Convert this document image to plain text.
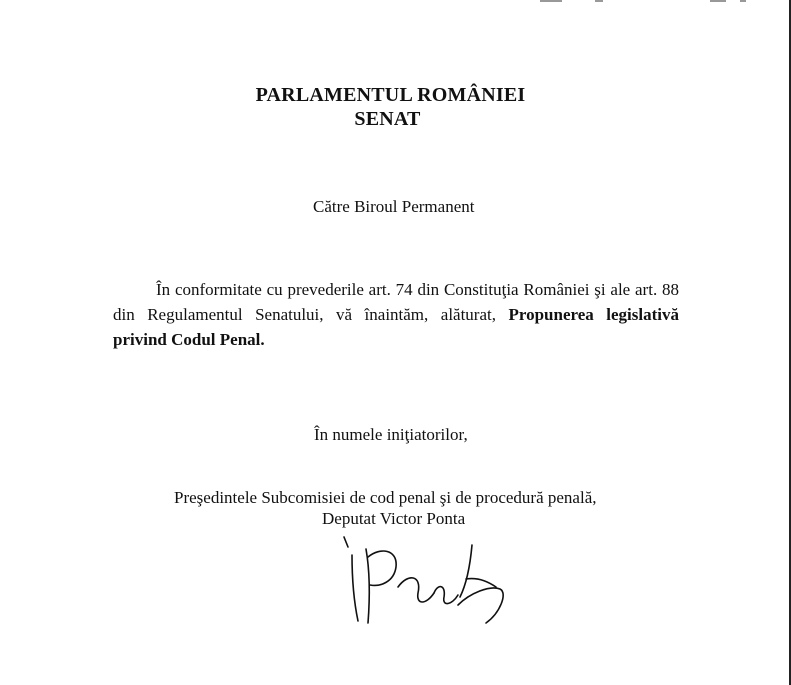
PARLAMENTUL ROMÂNIEI
SENAT
Către Biroul Permanent
În conformitate cu prevederile art. 74 din Constituţia României şi ale art. 88 din Regulamentul Senatului, vă înaintăm, alăturat, Propunerea legislativă privind Codul Penal.
În numele iniţiatorilor,
Preşedintele Subcomisiei de cod penal şi de procedură penală,
Deputat Victor Ponta
